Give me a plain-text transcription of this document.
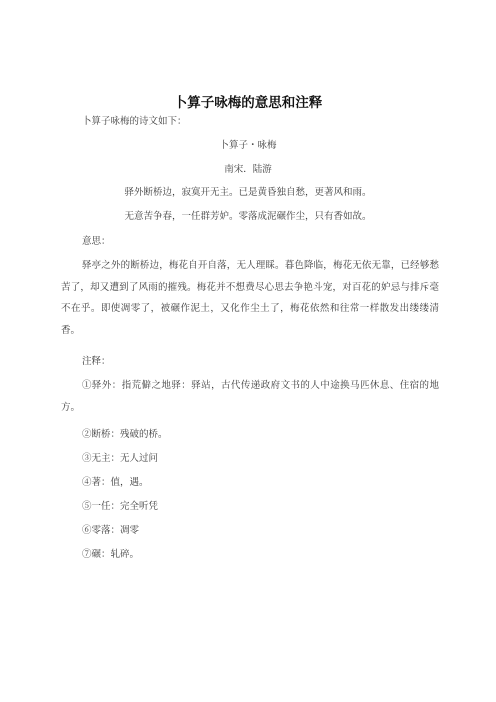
卜算子咏梅的意思和注释
卜算子咏梅的诗文如下：
卜算子・咏梅
南宋．陆游
驿外断桥边，寂寞开无主。已是黄昏独自愁，更著风和雨。
无意苦争春，一任群芳妒。零落成泥碾作尘，只有香如故。
意思：
驿亭之外的断桥边，梅花自开自落，无人理睬。暮色降临，梅花无依无靠，已经够愁苦了，却又遭到了风雨的摧残。梅花并不想费尽心思去争艳斗宠，对百花的妒忌与排斥毫不在乎。即使凋零了，被碾作泥土，又化作尘土了，梅花依然和往常一样散发出缕缕清香。
注释：
①驿外：指荒僻之地驿：驿站，古代传递政府文书的人中途换马匹休息、住宿的地方。
②断桥：残破的桥。
③无主：无人过问
④著：值，遇。
⑤一任：完全听凭
⑥零落：凋零
⑦碾：轧碎。
